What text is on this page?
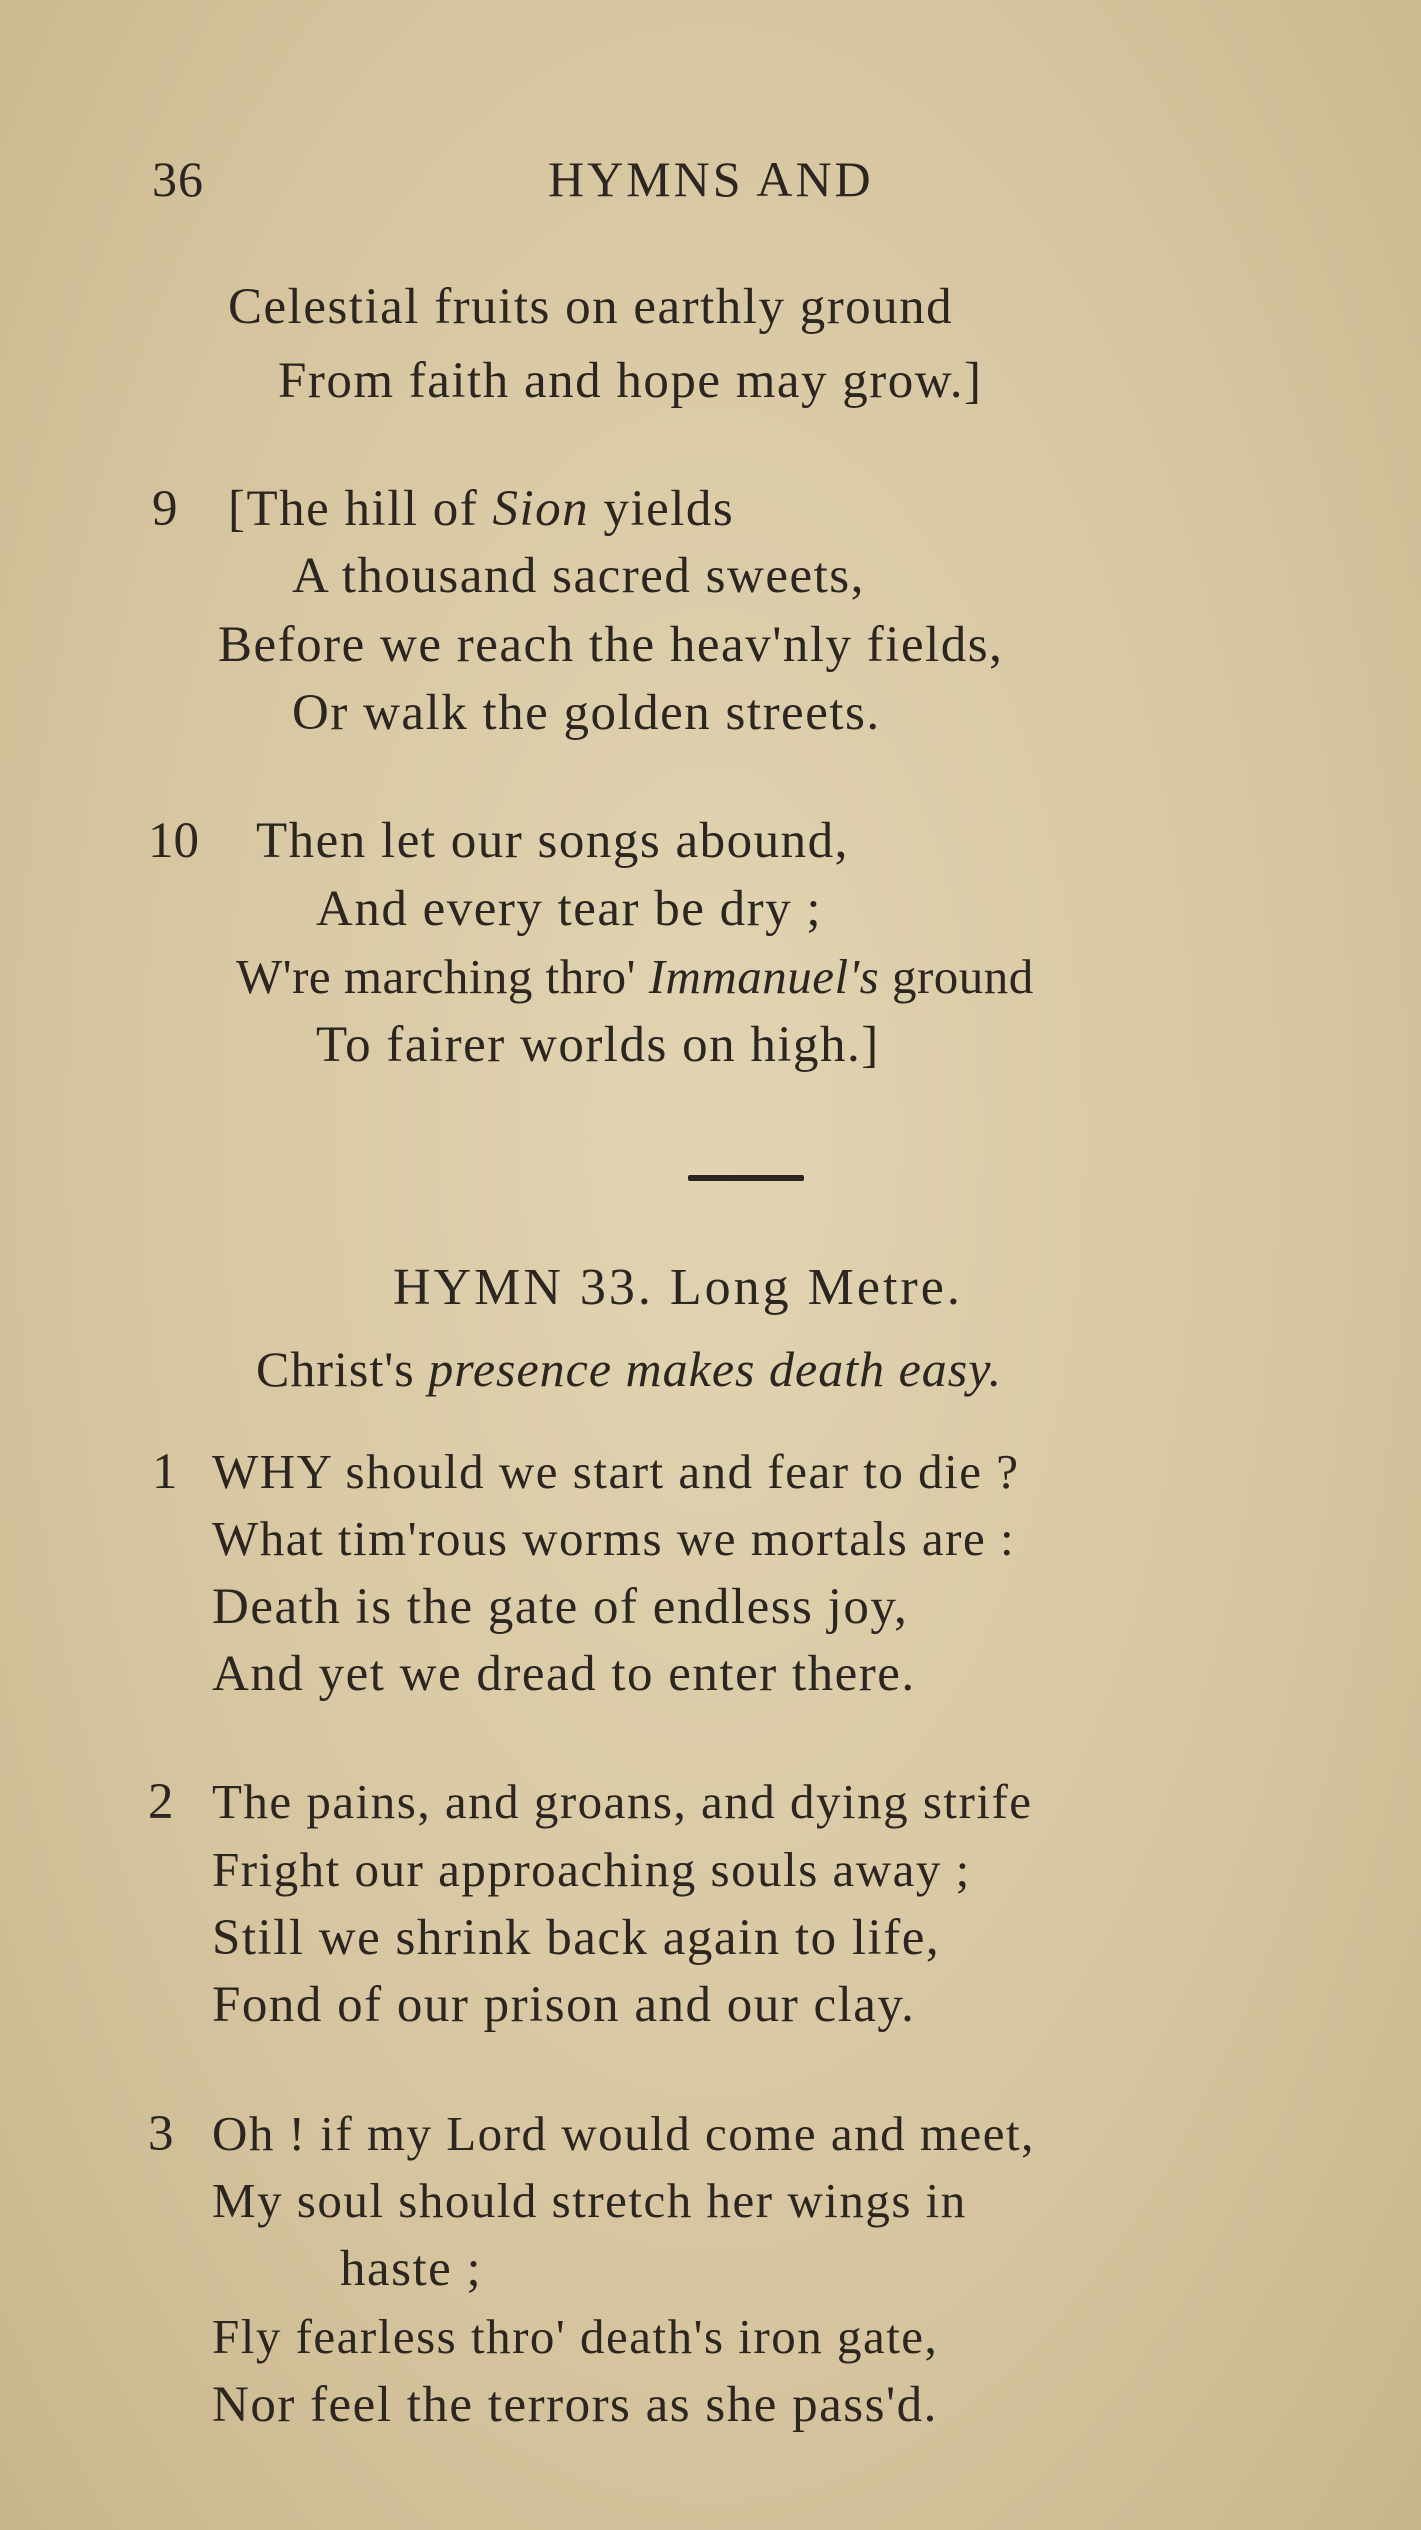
36	HYMNS AND
Celestial fruits on earthly ground
From faith and hope may grow.]
9 [The hill of Sion yields
A thousand sacred sweets,
Before we reach the heav'nly fields,
Or walk the golden streets.
10 Then let our songs abound,
And every tear be dry ;
W're marching thro' Immanuel's ground
To fairer worlds on high.]
HYMN 33. Long Metre.
Christ's presence makes death easy.
1 WHY should we start and fear to die ?
What tim'rous worms we mortals are :
Death is the gate of endless joy,
And yet we dread to enter there.
2 The pains, and groans, and dying strife
Fright our approaching souls away ;
Still we shrink back again to life,
Fond of our prison and our clay.
3 Oh ! if my Lord would come and meet,
My soul should stretch her wings in
haste ;
Fly fearless thro' death's iron gate,
Nor feel the terrors as she pass'd.
